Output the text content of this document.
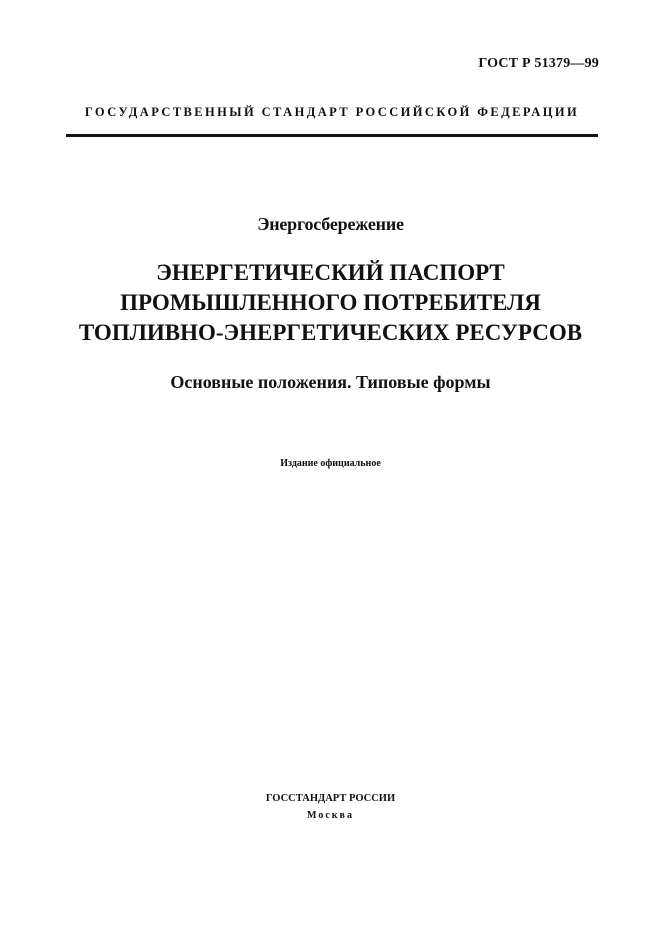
ГОСТ Р 51379—99
ГОСУДАРСТВЕННЫЙ СТАНДАРТ РОССИЙСКОЙ ФЕДЕРАЦИИ
Энергосбережение
ЭНЕРГЕТИЧЕСКИЙ ПАСПОРТ
ПРОМЫШЛЕННОГО ПОТРЕБИТЕЛЯ
ТОПЛИВНО-ЭНЕРГЕТИЧЕСКИХ РЕСУРСОВ
Основные положения. Типовые формы
Издание официальное
ГОССТАНДАРТ РОССИИ
Москва
